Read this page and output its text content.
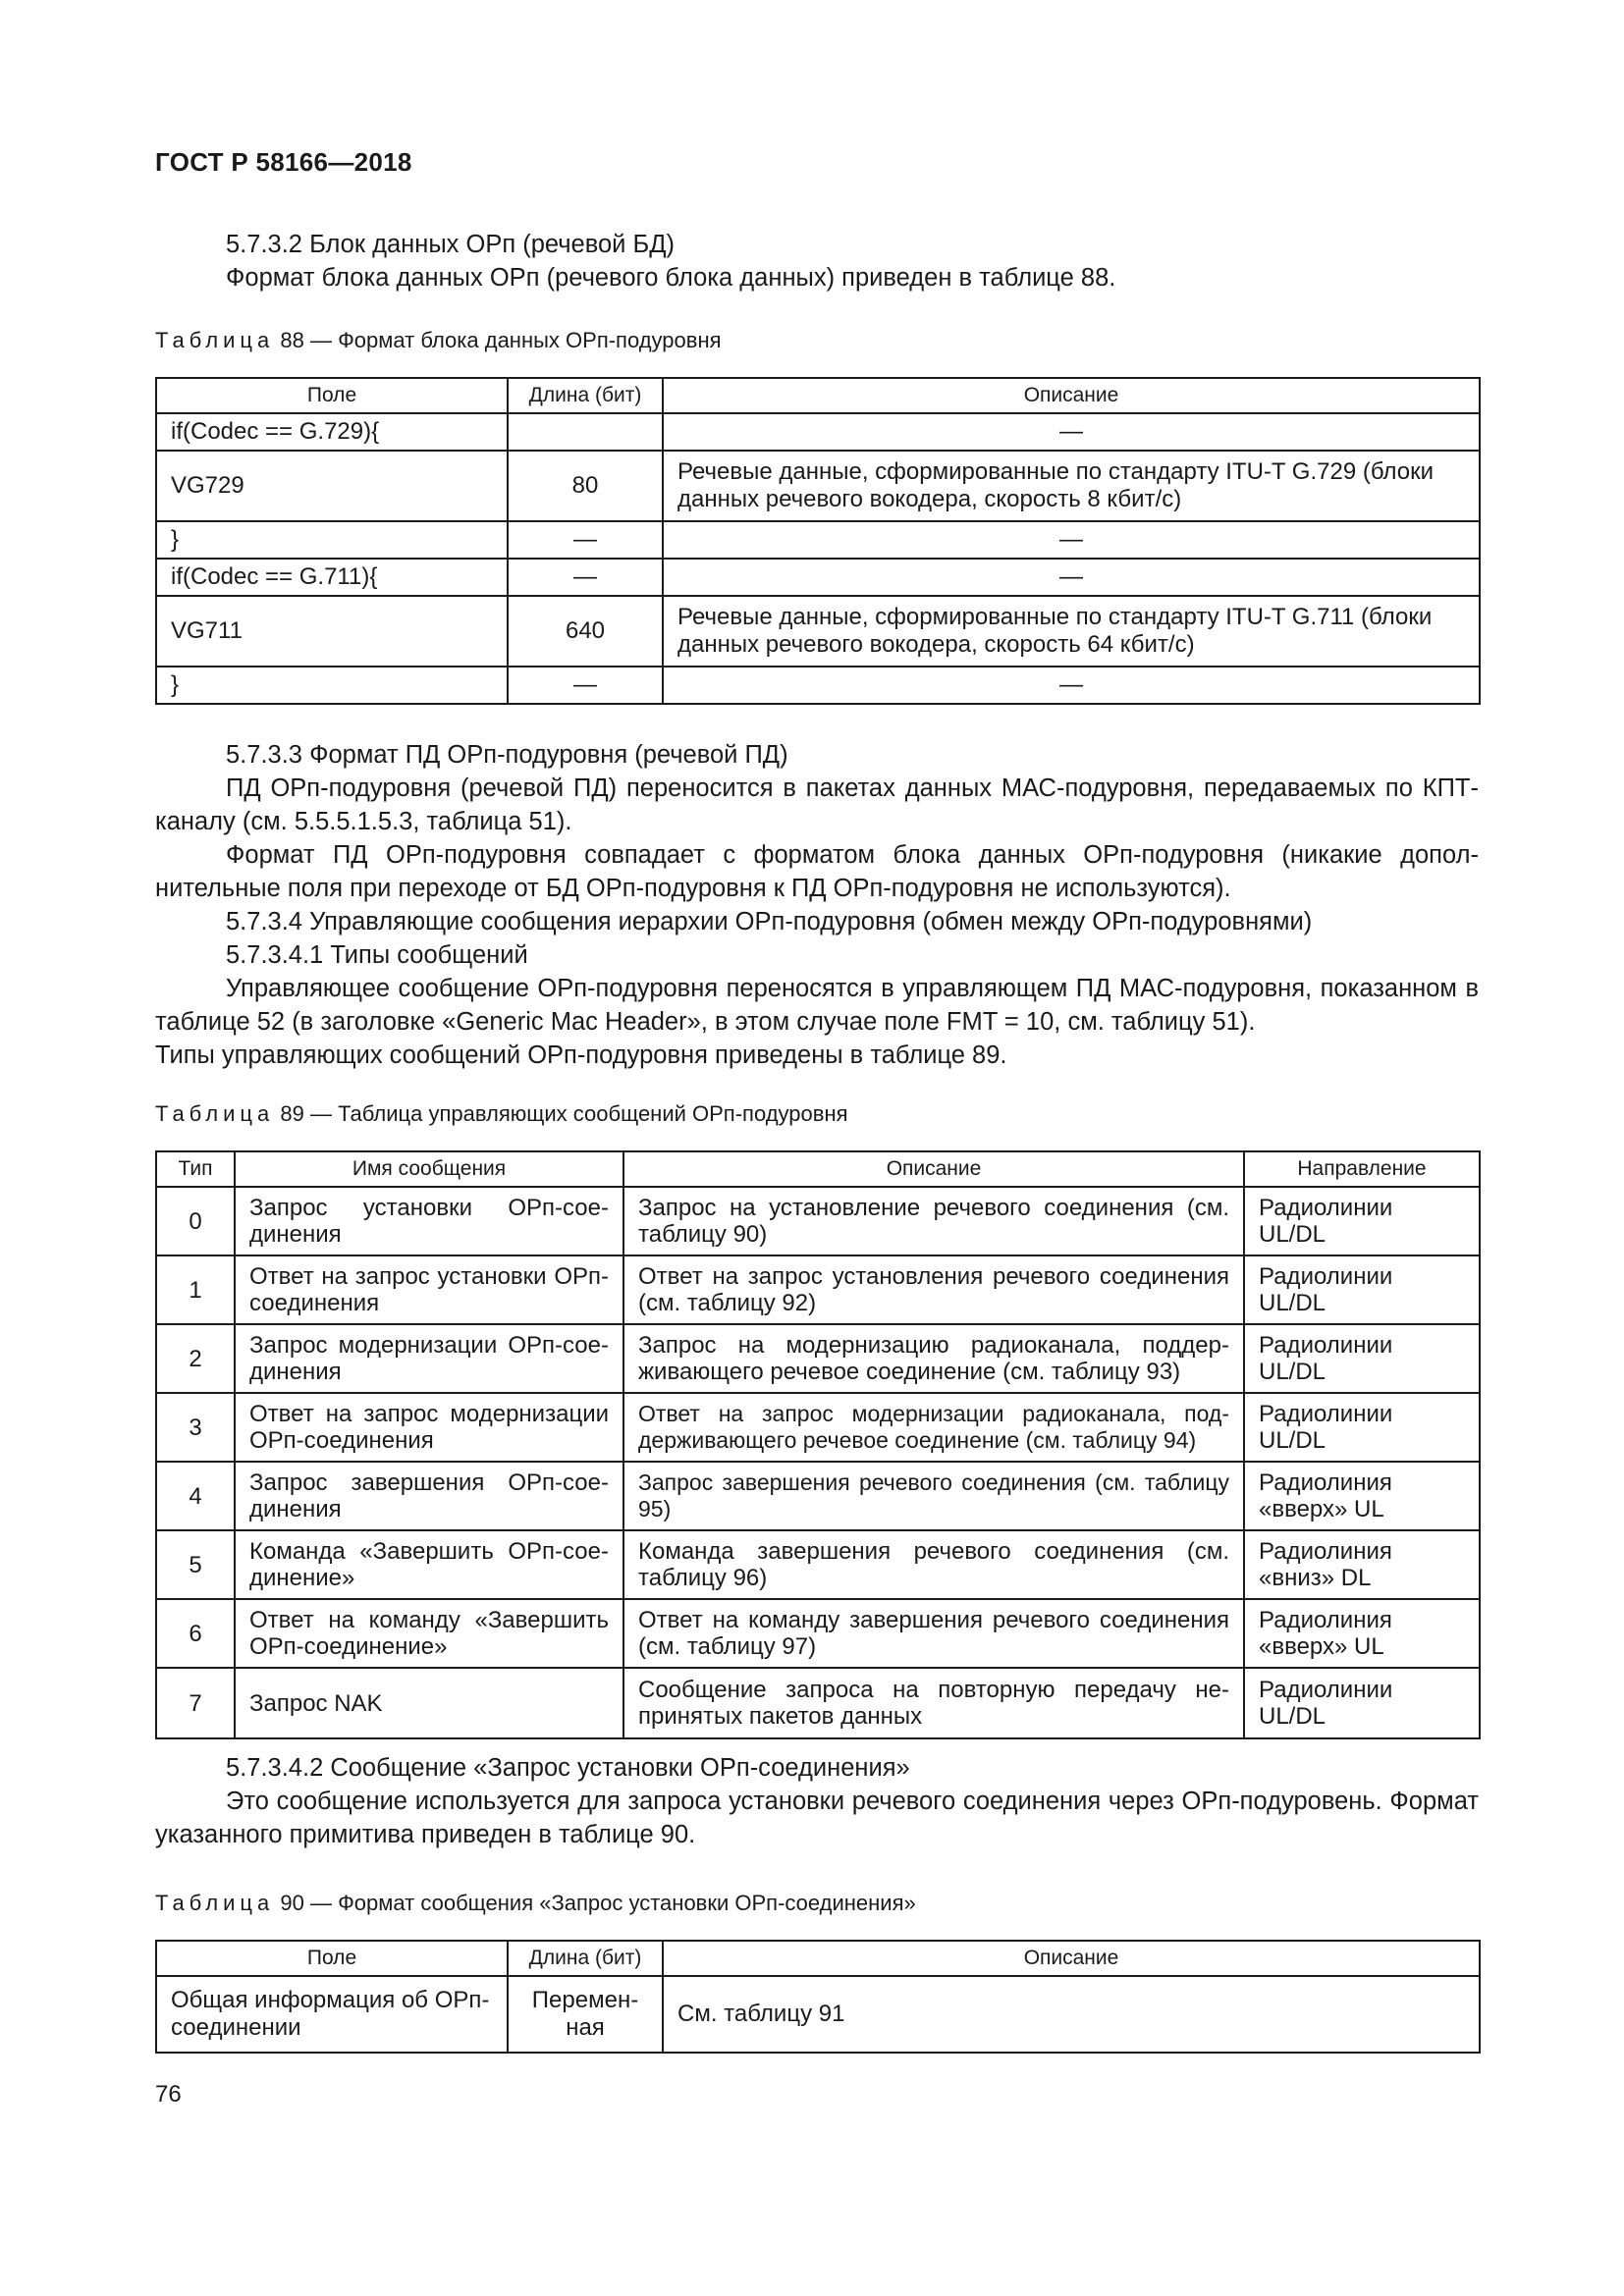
ГОСТ Р 58166—2018

5.7.3.2 Блок данных ОРп (речевой БД)

Формат блока данных ОРп (речевого блока данных) приведен в таблице 88.

Таблица 88 — Формат блока данных ОРп-подуровня

Поле	Длина (бит)	Описание
if(Codec == G.729){		—
VG729	80	Речевые данные, сформированные по стандарту ITU-T G.729 (блоки данных речевого вокодера, скорость 8 кбит/с)
}	—	—
if(Codec == G.711){	—	—
VG711	640	Речевые данные, сформированные по стандарту ITU-T G.711 (блоки данных речевого вокодера, скорость 64 кбит/с)
}	—	—

5.7.3.3 Формат ПД ОРп-подуровня (речевой ПД)

ПД ОРп-подуровня (речевой ПД) переносится в пакетах данных МАС-подуровня, передаваемых по КПТ-каналу (см. 5.5.5.1.5.3, таблица 51).

Формат ПД ОРп-подуровня совпадает с форматом блока данных ОРп-подуровня (никакие дополнительные поля при переходе от БД ОРп-подуровня к ПД ОРп-подуровня не используются).

5.7.3.4 Управляющие сообщения иерархии ОРп-подуровня (обмен между ОРп-подуровнями)

5.7.3.4.1 Типы сообщений

Управляющее сообщение ОРп-подуровня переносятся в управляющем ПД МАС-подуровня, показанном в таблице 52 (в заголовке «Generic Mac Header», в этом случае поле FMT = 10, см. таблицу 51).

Типы управляющих сообщений ОРп-подуровня приведены в таблице 89.

Таблица 89 — Таблица управляющих сообщений ОРп-подуровня

Тип	Имя сообщения	Описание	Направление
0	Запрос установки ОРп-соединения	Запрос на установление речевого соединения (см. таблицу 90)	Радиолинии UL/DL
1	Ответ на запрос установки ОРп-соединения	Ответ на запрос установления речевого соединения (см. таблицу 92)	Радиолинии UL/DL
2	Запрос модернизации ОРп-соединения	Запрос на модернизацию радиоканала, поддерживающего речевое соединение (см. таблицу 93)	Радиолинии UL/DL
3	Ответ на запрос модернизации ОРп-соединения	Ответ на запрос модернизации радиоканала, поддерживающего речевое соединение (см. таблицу 94)	Радиолинии UL/DL
4	Запрос завершения ОРп-соединения	Запрос завершения речевого соединения (см. таблицу 95)	Радиолиния «вверх» UL
5	Команда «Завершить ОРп-соединение»	Команда завершения речевого соединения (см. таблицу 96)	Радиолиния «вниз» DL
6	Ответ на команду «Завершить ОРп-соединение»	Ответ на команду завершения речевого соединения (см. таблицу 97)	Радиолиния «вверх» UL
7	Запрос NAK	Сообщение запроса на повторную передачу непринятых пакетов данных	Радиолинии UL/DL

5.7.3.4.2 Сообщение «Запрос установки ОРп-соединения»

Это сообщение используется для запроса установки речевого соединения через ОРп-подуровень. Формат указанного примитива приведен в таблице 90.

Таблица 90 — Формат сообщения «Запрос установки ОРп-соединения»

Поле	Длина (бит)	Описание
Общая информация об ОРп-соединении	Переменная	См. таблицу 91
76
